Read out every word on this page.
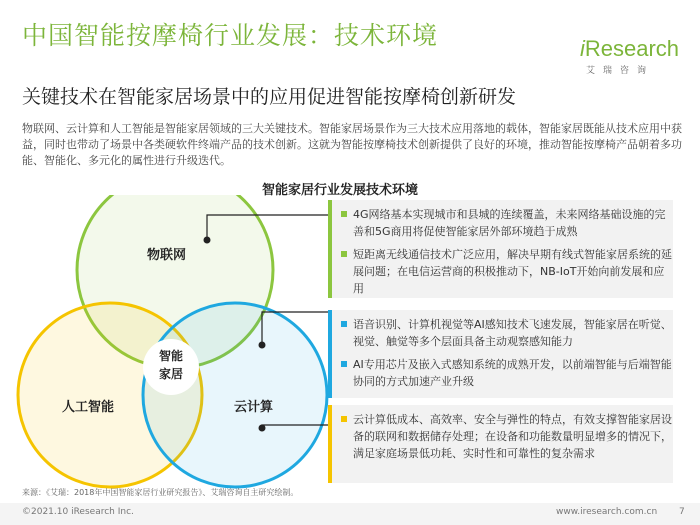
中国智能按摩椅行业发展：技术环境	iResearch
艾瑞咨询
关键技术在智能家居场景中的应用促进智能按摩椅创新研发
物联网、云计算和人工智能是智能家居领域的三大关键技术。智能家居场景作为三大技术应用落地的载体，智能家居既能从技术应用中获益，同时也带动了场景中各类硬软件终端产品的技术创新。这就为智能按摩椅技术创新提供了良好的环境，推动智能按摩椅产品朝着多功能、智能化、多元化的属性进行升级迭代。
智能家居行业发展技术环境
物联网
人工智能	云计算
智能
家居
4G网络基本实现城市和县城的连续覆盖，未来网络基础设施的完善和5G商用将促使智能家居外部环境趋于成熟
短距离无线通信技术广泛应用，解决早期有线式智能家居系统的延展问题；在电信运营商的积极推动下，NB-IoT开始向前发展和应用
语音识别、计算机视觉等AI感知技术飞速发展，智能家居在听觉、视觉、触觉等多个层面具备主动观察感知能力
AI专用芯片及嵌入式感知系统的成熟开发，以前端智能与后端智能协同的方式加速产业升级
云计算低成本、高效率、安全与弹性的特点，有效支撑智能家居设备的联网和数据储存处理；在设备和功能数量明显增多的情况下，满足家庭场景低功耗、实时性和可靠性的复杂需求
来源：《艾瑞：2018年中国智能家居行业研究报告》、艾瑞咨询自主研究绘制。
©2021.10 iResearch Inc.	www.iresearch.com.cn 7
